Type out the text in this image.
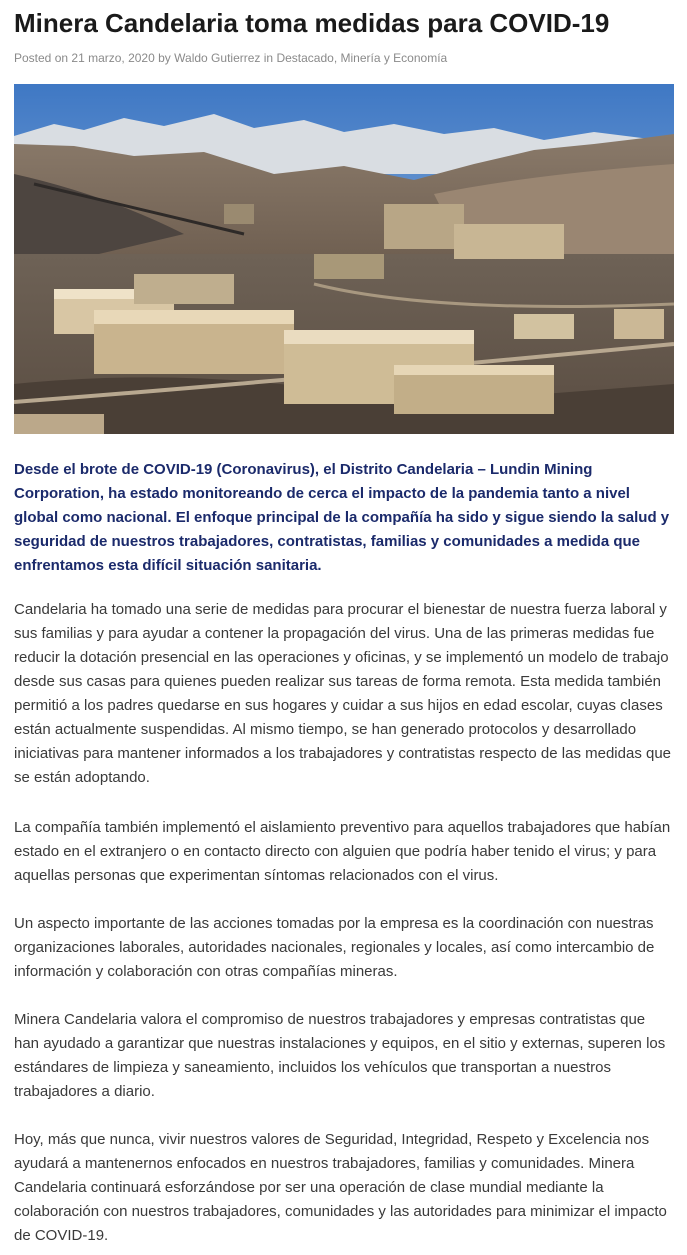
Minera Candelaria toma medidas para COVID-19
Posted on 21 marzo, 2020 by Waldo Gutierrez in Destacado, Minería y Economía

Desde el brote de COVID-19 (Coronavirus), el Distrito Candelaria – Lundin Mining Corporation, ha estado monitoreando de cerca el impacto de la pandemia tanto a nivel global como nacional. El enfoque principal de la compañía ha sido y sigue siendo la salud y seguridad de nuestros trabajadores, contratistas, familias y comunidades a medida que enfrentamos esta difícil situación sanitaria.

Candelaria ha tomado una serie de medidas para procurar el bienestar de nuestra fuerza laboral y sus familias y para ayudar a contener la propagación del virus. Una de las primeras medidas fue reducir la dotación presencial en las operaciones y oficinas, y se implementó un modelo de trabajo desde sus casas para quienes pueden realizar sus tareas de forma remota. Esta medida también permitió a los padres quedarse en sus hogares y cuidar a sus hijos en edad escolar, cuyas clases están actualmente suspendidas. Al mismo tiempo, se han generado protocolos y desarrollado iniciativas para mantener informados a los trabajadores y contratistas respecto de las medidas que se están adoptando.

La compañía también implementó el aislamiento preventivo para aquellos trabajadores que habían estado en el extranjero o en contacto directo con alguien que podría haber tenido el virus; y para aquellas personas que experimentan síntomas relacionados con el virus.

Un aspecto importante de las acciones tomadas por la empresa es la coordinación con nuestras organizaciones laborales, autoridades nacionales, regionales y locales, así como intercambio de información y colaboración con otras compañías mineras.

Minera Candelaria valora el compromiso de nuestros trabajadores y empresas contratistas que han ayudado a garantizar que nuestras instalaciones y equipos, en el sitio y externas, superen los estándares de limpieza y saneamiento, incluidos los vehículos que transportan a nuestros trabajadores a diario.

Hoy, más que nunca, vivir nuestros valores de Seguridad, Integridad, Respeto y Excelencia nos ayudará a mantenernos enfocados en nuestros trabajadores, familias y comunidades. Minera Candelaria continuará esforzándose por ser una operación de clase mundial mediante la colaboración con nuestros trabajadores, comunidades y las autoridades para minimizar el impacto de COVID-19.
